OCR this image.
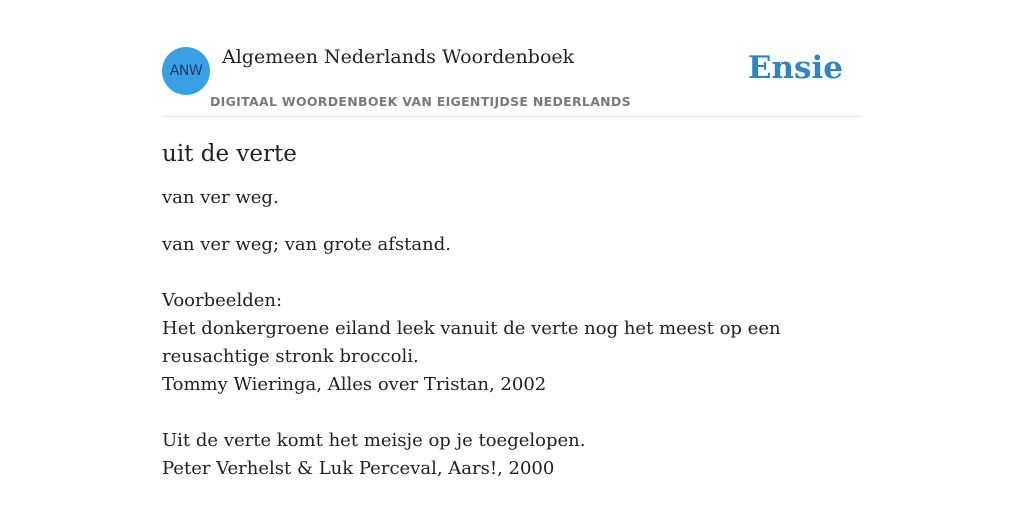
ANW
Algemeen Nederlands Woordenboek
DIGITAAL WOORDENBOEK VAN EIGENTIJDSE NEDERLANDS
Ensie
uit de verte

van ver weg.

van ver weg; van grote afstand.

Voorbeelden:
Het donkergroene eiland leek vanuit de verte nog het meest op een reusachtige stronk broccoli.
Tommy Wieringa, Alles over Tristan, 2002
Uit de verte komt het meisje op je toegelopen.
Peter Verhelst & Luk Perceval, Aars!, 2000
